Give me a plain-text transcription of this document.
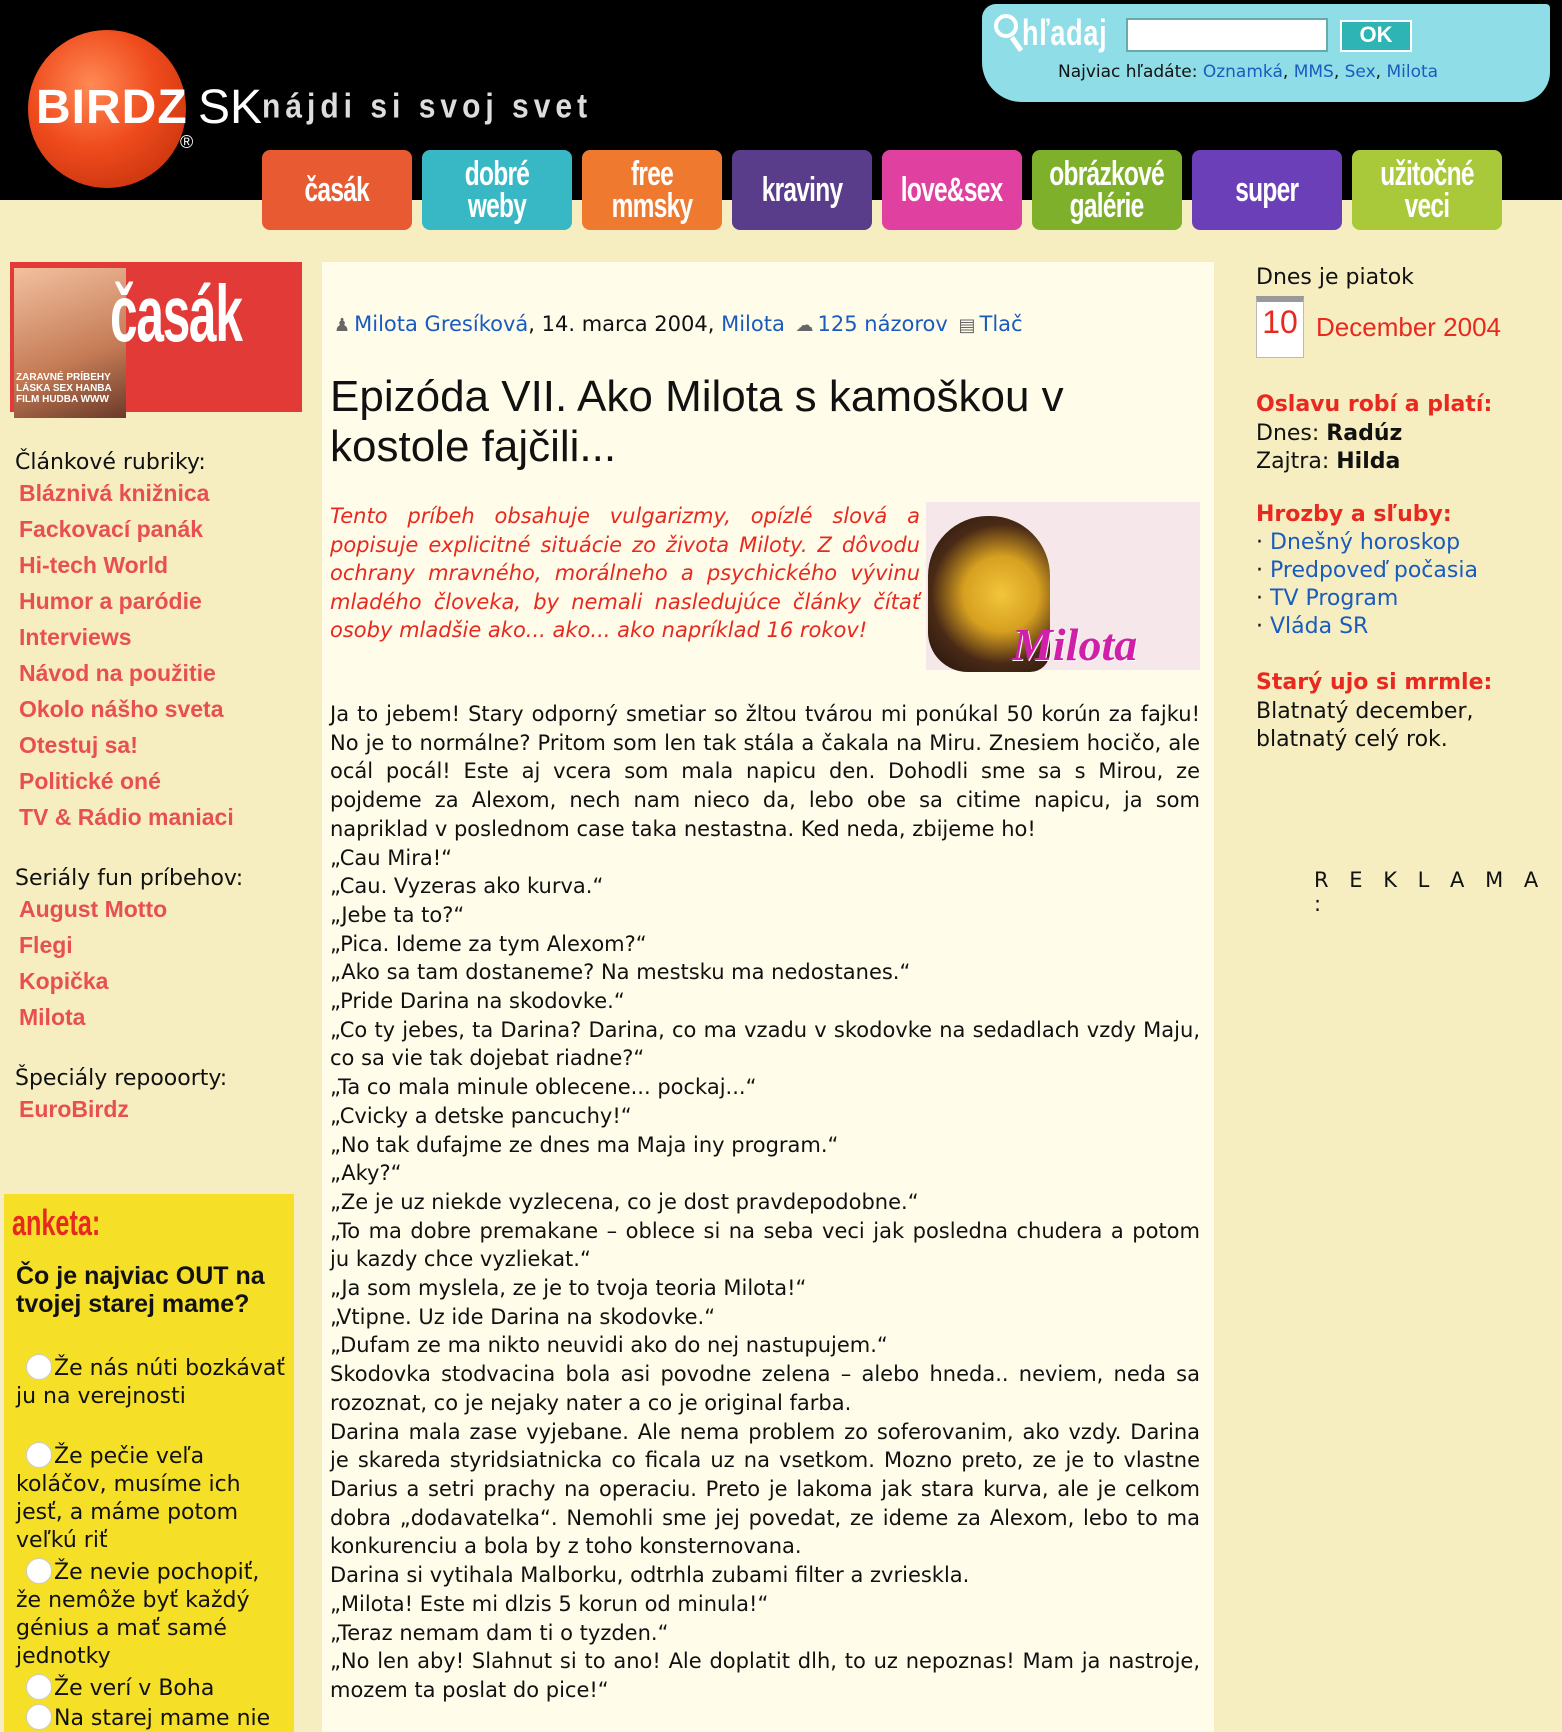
BIRDZ SK
®
nájdi si svoj svet
hľadaj	OK
Najviac hľadáte: Oznamká, MMS, Sex, Milota
časák	dobré weby
free mmsky kraviny love&sex obrázkové galérie	super užitočné veci
časák
ZARAVNÉ PRÍBEHY LÁSKA SEX HANBA FILM HUDBA WWW
Článkové rubriky:
Bláznivá knižnica
Fackovací panák
Hi-tech World
Humor a paródie
Interviews
Návod na použitie
Okolo nášho sveta
Otestuj sa!
Politické oné
TV & Rádio maniaci
Seriály fun príbehov:
August Motto
Flegi
Kopička
Milota
Špeciály repooorty:
EuroBirdz
anketa:
Čo je najviac OUT na tvojej starej mame?
Že nás núti bozkávať ju na verejnosti
Že pečie veľa koláčov, musíme ich jesť, a máme potom veľkú riť
Že nevie pochopiť, že nemôže byť každý génius a mať samé jednotky
Že verí v Boha
Na starej mame nie
♟ Milota Gresíková, 14. marca 2004, Milota ☁ 125 názorov ▤ Tlač
Epizóda VII. Ako Milota s kamoškou v kostole fajčili...
Tento príbeh obsahuje vulgarizmy, opízlé slová a popisuje explicitné situácie zo života Miloty. Z dôvodu ochrany mravného, morálneho a psychického vývinu mladého človeka, by nemali nasledujúce články čítať osoby mladšie ako... ako... ako napríklad 16 rokov!	Milota

Ja to jebem! Stary odporný smetiar so žltou tvárou mi ponúkal 50 korún za fajku! No je to normálne? Pritom som len tak stála a čakala na Miru. Znesiem hocičo, ale ocál pocál! Este aj vcera som mala napicu den. Dohodli sme sa s Mirou, ze pojdeme za Alexom, nech nam nieco da, lebo obe sa citime napicu, ja som napriklad v poslednom case taka nestastna. Ked neda, zbijeme ho!

„Cau Mira!“

„Cau. Vyzeras ako kurva.“

„Jebe ta to?“

„Pica. Ideme za tym Alexom?“

„Ako sa tam dostaneme? Na mestsku ma nedostanes.“

„Pride Darina na skodovke.“

„Co ty jebes, ta Darina? Darina, co ma vzadu v skodovke na sedadlach vzdy Maju, co sa vie tak dojebat riadne?“

„Ta co mala minule oblecene... pockaj...“

„Cvicky a detske pancuchy!“

„No tak dufajme ze dnes ma Maja iny program.“

„Aky?“

„Ze je uz niekde vyzlecena, co je dost pravdepodobne.“

„To ma dobre premakane – oblece si na seba veci jak posledna chudera a potom ju kazdy chce vyzliekat.“

„Ja som myslela, ze je to tvoja teoria Milota!“

„Vtipne. Uz ide Darina na skodovke.“

„Dufam ze ma nikto neuvidi ako do nej nastupujem.“

Skodovka stodvacina bola asi povodne zelena – alebo hneda.. neviem, neda sa rozoznat, co je nejaky nater a co je original farba.

Darina mala zase vyjebane. Ale nema problem zo soferovanim, ako vzdy. Darina je skareda styridsiatnicka co ficala uz na vsetkom. Mozno preto, ze je to vlastne Darius a setri prachy na operaciu. Preto je lakoma jak stara kurva, ale je celkom dobra „dodavatelka“. Nemohli sme jej povedat, ze ideme za Alexom, lebo to ma konkurenciu a bola by z toho konsternovana.

Darina si vytihala Malborku, odtrhla zubami filter a zvrieskla.

„Milota! Este mi dlzis 5 korun od minula!“

„Teraz nemam dam ti o tyzden.“

„No len aby! Slahnut si to ano! Ale doplatit dlh, to uz nepoznas! Mam ja nastroje, mozem ta poslat do pice!“

Dnes je piatok
10 December 2004
Oslavu robí a platí:
Dnes: Radúz
Zajtra: Hilda
Hrozby a sľuby:
· Dnešný horoskop
· Predpoveď počasia
· TV Program
· Vláda SR
Starý ujo si mrmle:
Blatnatý december, blatnatý celý rok.
R E K L A M A :
